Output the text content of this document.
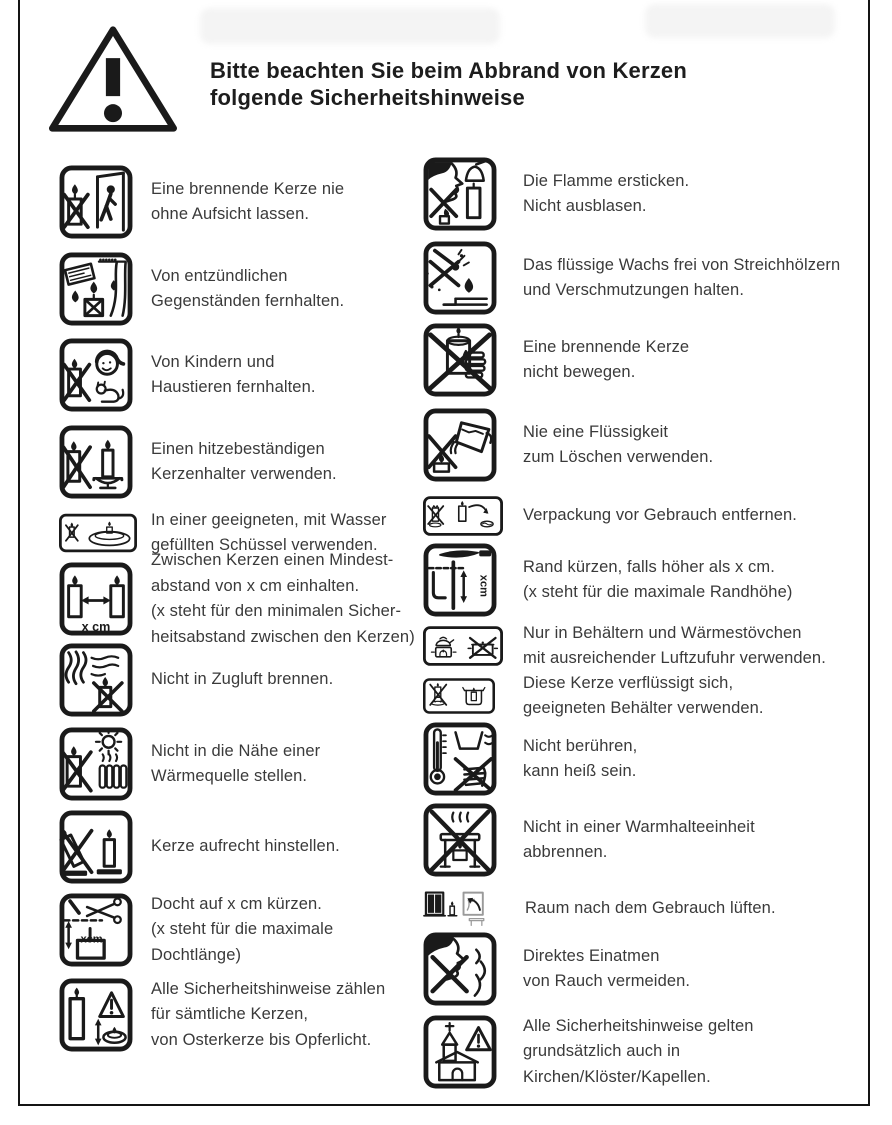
Bitte beachten Sie beim Abbrand von Kerzen
folgende Sicherheitshinweise
Eine brennende Kerze nie
ohne Aufsicht lassen.
Von entzündlichen
Gegenständen fernhalten.
Von Kindern und
Haustieren fernhalten.
Einen hitzebeständigen
Kerzenhalter verwenden.
In einer geeigneten, mit Wasser
gefüllten Schüssel verwenden.
x cm
Zwischen Kerzen einen Mindest-
abstand von x cm einhalten.
(x steht für den minimalen Sicher-
heitsabstand zwischen den Kerzen)
Nicht in Zugluft brennen.
Nicht in die Nähe einer
Wärmequelle stellen.
Kerze aufrecht hinstellen.
xcm
Docht auf x cm kürzen.
(x steht für die maximale
Dochtlänge)
Alle Sicherheitshinweise zählen
für sämtliche Kerzen,
von Osterkerze bis Opferlicht.
Die Flamme ersticken.
Nicht ausblasen.
Das flüssige Wachs frei von Streichhölzern
und Verschmutzungen halten.
Eine brennende Kerze
nicht bewegen.
Nie eine Flüssigkeit
zum Löschen verwenden.
Verpackung vor Gebrauch entfernen.
xcm
Rand kürzen, falls höher als x cm.
(x steht für die maximale Randhöhe)
Nur in Behältern und Wärmestövchen
mit ausreichender Luftzufuhr verwenden.
Diese Kerze verflüssigt sich,
geeigneten Behälter verwenden.
Nicht berühren,
kann heiß sein.
Nicht in einer Warmhalteeinheit
abbrennen.
Raum nach dem Gebrauch lüften.
Direktes Einatmen
von Rauch vermeiden.
Alle Sicherheitshinweise gelten
grundsätzlich auch in
Kirchen/Klöster/Kapellen.
